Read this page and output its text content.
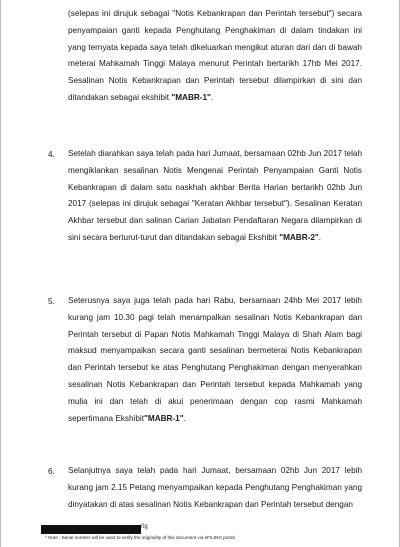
(selepas ini dirujuk sebagai "Notis Kebankrapan dan Perintah tersebut") secara penyampaian ganti kepada Penghutang Penghakiman di dalam tindakan ini yang ternyata kepada saya telah dikeluarkan mengikut aturan dari dan di bawah meterai Mahkamah Tinggi Malaya menurut Perintah bertarikh 17hb Mei 2017. Sesalinan Notis Kebankrapan dan Perintah tersebut dilampirkan di sini dan ditandakan sebagai ekshibit "MABR-1".

4. Setelah diarahkan saya telah pada hari Jumaat, bersamaan 02hb Jun 2017 telah mengiklankan sesalinan Notis Mengenai Perintah Penyampaian Ganti Notis Kebankrapan di dalam satu naskhah akhbar Berita Harian bertarikh 02hb Jun 2017 (selepas ini dirujuk sebagai "Keratan Akhbar tersebut"). Sesalinan Keratan Akhbar tersebut dan salinan Carian Jabatan Pendaftaran Negara dilampirkan di sini secara berturut-turut dan ditandakan sebagai Ekshibit "MABR-2".

5. Seterusnya saya juga telah pada hari Rabu, bersamaan 24hb Mei 2017 lebih kurang jam 10.30 pagi telah menampalkan sesalinan Notis Kebankrapan dan Perintah tersebut di Papan Notis Mahkamah Tinggi Malaya di Shah Alam bagi maksud menyampaikan secara ganti sesalinan bermeterai Notis Kebankrapan dan Perintah tersebut ke atas Penghutang Penghakiman dengan menyerahkan sesalinan Notis Kebankrapan dan Perintah tersebut kepada Mahkamah yang mulia ini dan telah di akui penerimaan dengan cop rasmi Mahkamah sepertimana Ekshibit"MABR-1".

6. Selanjutnya saya telah pada hari Jumaat, bersamaan 02hb Jun 2017 lebih kurang jam 2.15 Petang menyampaikan kepada Penghutang Penghakiman yang dinyatakan di atas sesalinan Notis Kebankrapan dan Perintah tersebut dengan

0g
* Note : Serial number will be used to verify the originality of this document via eFILING portal
